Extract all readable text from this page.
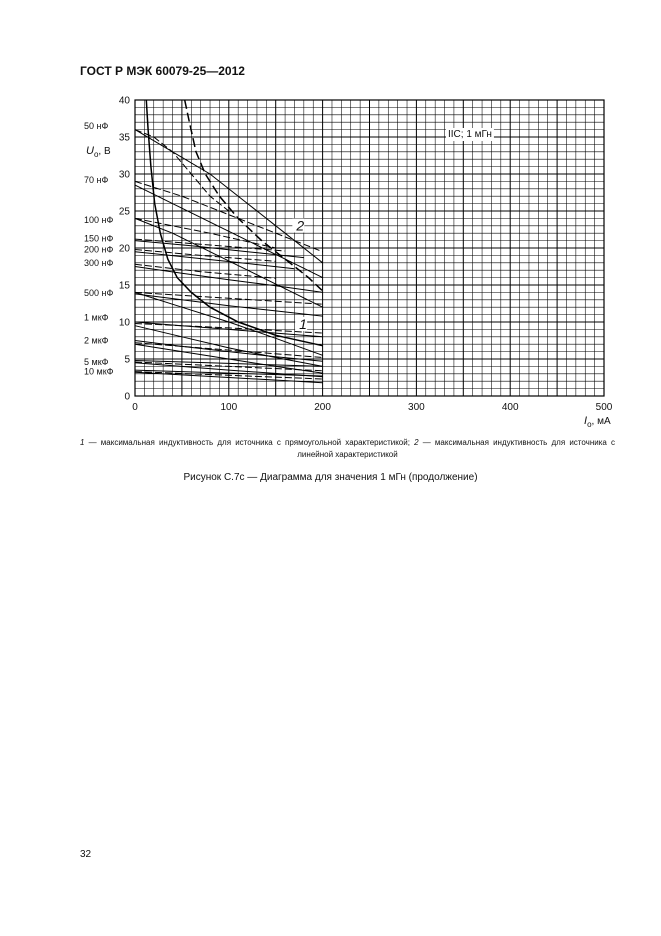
ГОСТ Р МЭК 60079-25—2012
0	100	200	300	400	500
0
5
10
15
20
25
30
35
40
50 нФ
70 нФ
100 нФ
150 нФ
200 нФ
300 нФ
500 нФ
1 мкФ
2 мкФ
5 мкФ
10 мкФ
2
1
IIC; 1 мГн
$U_o$, В
$I_o$, мА
1 — максимальная индуктивность для источника с прямоугольной характеристикой; 2 — максимальная индуктивность для источника с линейной характеристикой
Рисунок С.7с — Диаграмма для значения 1 мГн (продолжение)
32
